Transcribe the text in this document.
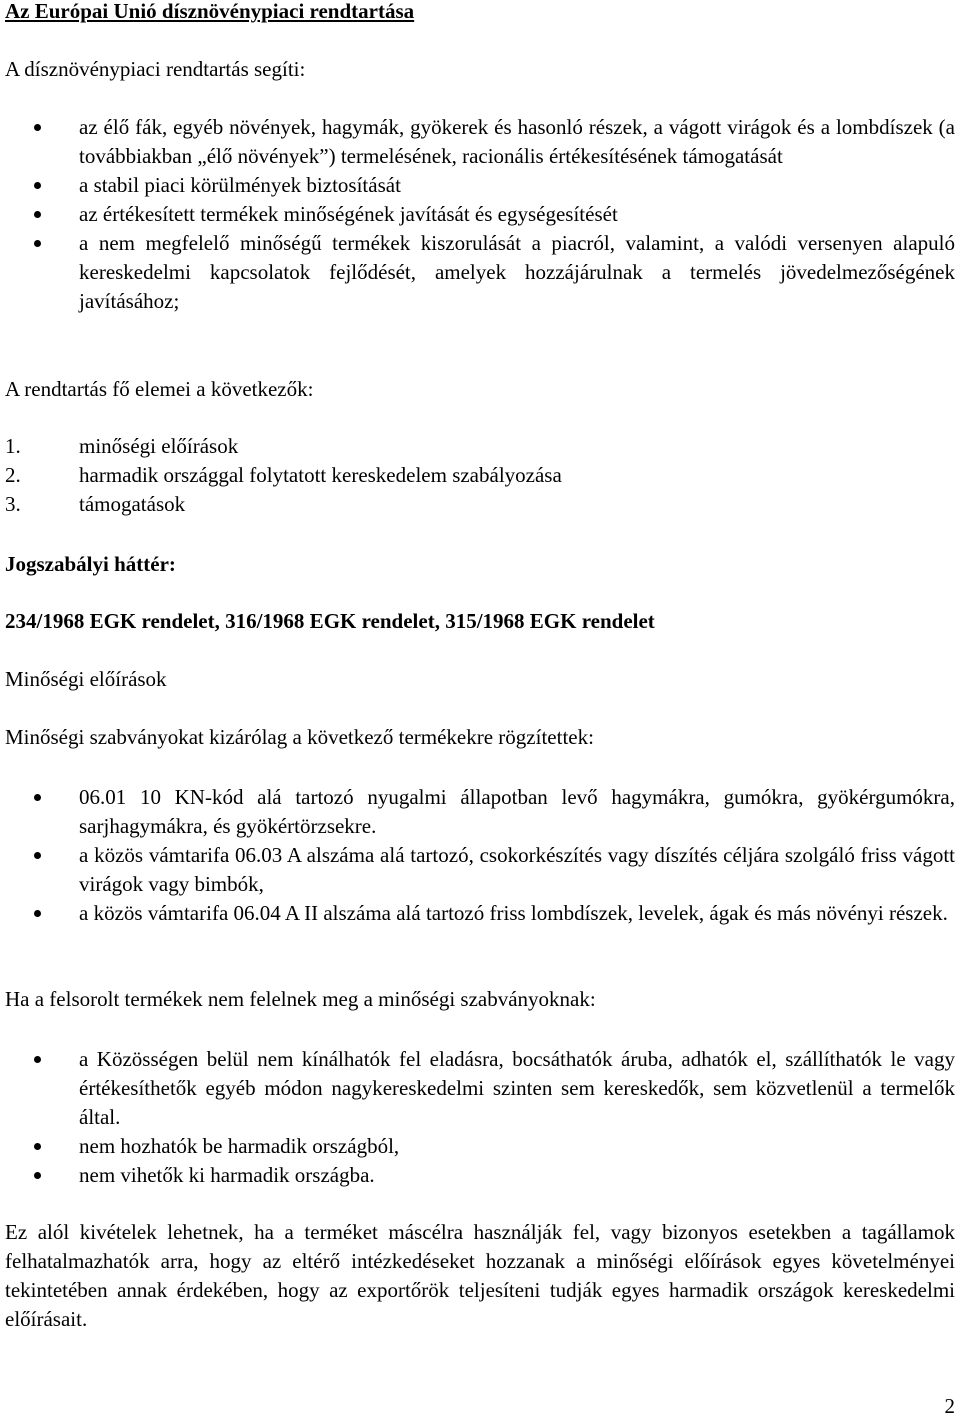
Az Európai Unió dísznövénypiaci rendtartása

A dísznövénypiaci rendtartás segíti:

az élő fák, egyéb növények, hagymák, gyökerek és hasonló részek, a vágott virágok és a lombdíszek (a továbbiakban „élő növények”) termelésének, racionális értékesítésének támogatását
a stabil piaci körülmények biztosítását
az értékesített termékek minőségének javítását és egységesítését
a nem megfelelő minőségű termékek kiszorulását a piacról, valamint, a valódi versenyen alapuló kereskedelmi kapcsolatok fejlődését, amelyek hozzájárulnak a termelés jövedelmezőségének javításához;

A rendtartás fő elemei a következők:

1.	minőségi előírások
2.	harmadik országgal folytatott kereskedelem szabályozása
3.	támogatások

Jogszabályi háttér:

234/1968 EGK rendelet, 316/1968 EGK rendelet, 315/1968 EGK rendelet

Minőségi előírások

Minőségi szabványokat kizárólag a következő termékekre rögzítettek:

06.01 10 KN-kód alá tartozó nyugalmi állapotban levő hagymákra, gumókra, gyökérgumókra, sarjhagymákra, és gyökértörzsekre.
a közös vámtarifa 06.03 A alszáma alá tartozó, csokorkészítés vagy díszítés céljára szolgáló friss vágott virágok vagy bimbók,
a közös vámtarifa 06.04 A II alszáma alá tartozó friss lombdíszek, levelek, ágak és más növényi részek.

Ha a felsorolt termékek nem felelnek meg a minőségi szabványoknak:

a Közösségen belül nem kínálhatók fel eladásra, bocsáthatók áruba, adhatók el, szállíthatók le vagy értékesíthetők egyéb módon nagykereskedelmi szinten sem kereskedők, sem közvetlenül a termelők által.
nem hozhatók be harmadik országból,
nem vihetők ki harmadik országba.

Ez alól kivételek lehetnek, ha a terméket máscélra használják fel, vagy bizonyos esetekben a tagállamok felhatalmazhatók arra, hogy az eltérő intézkedéseket hozzanak a minőségi előírások egyes követelményei tekintetében annak érdekében, hogy az exportőrök teljesíteni tudják egyes harmadik országok kereskedelmi előírásait.

2
